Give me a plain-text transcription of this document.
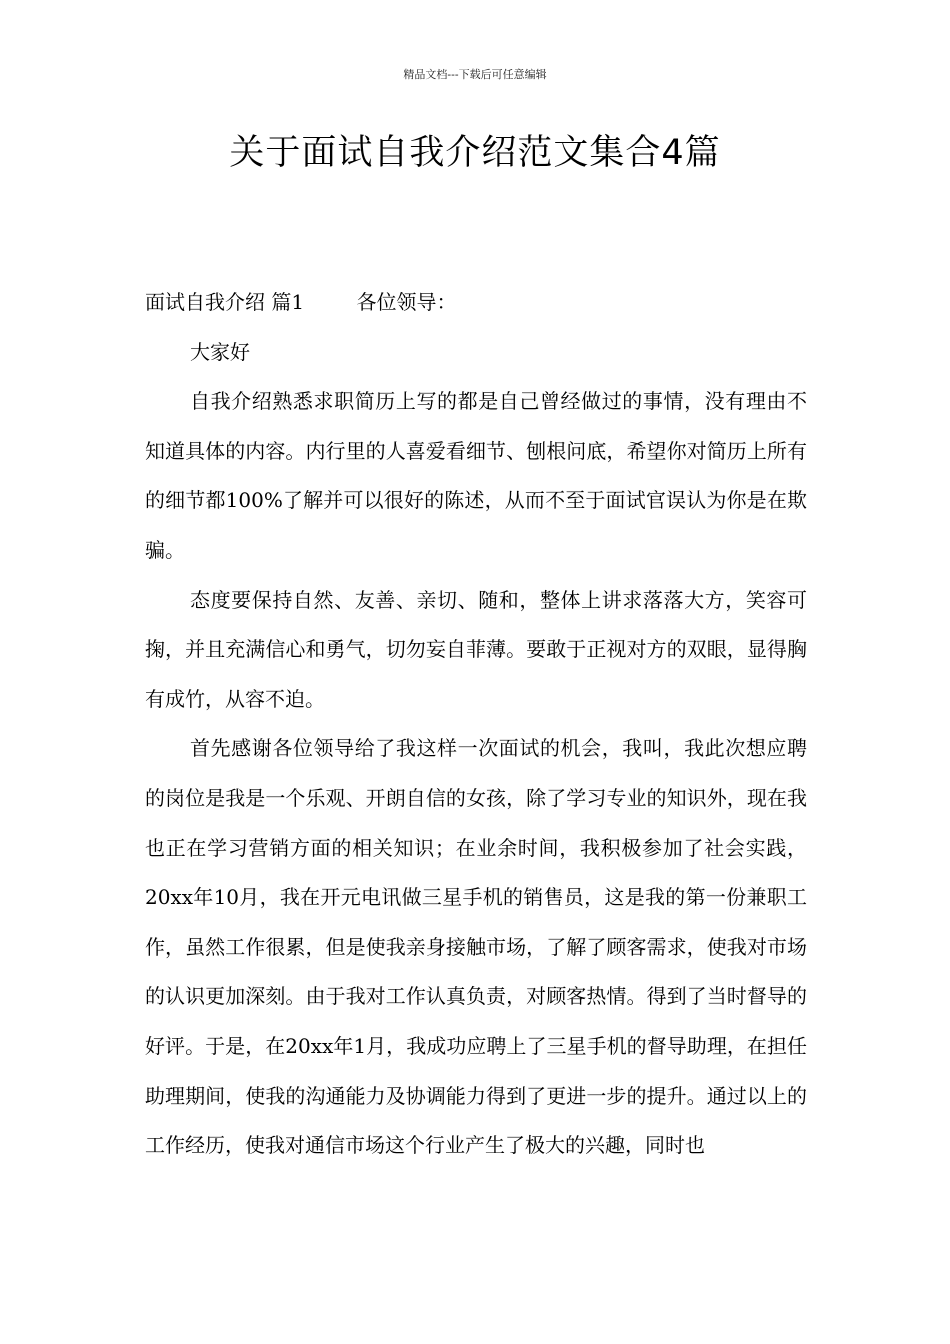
精品文档---下载后可任意编辑
关于面试自我介绍范文集合4篇

面试自我介绍 篇1	各位领导：

大家好

自我介绍熟悉求职简历上写的都是自己曾经做过的事情，没有理由不知道具体的内容。内行里的人喜爱看细节、刨根问底，希望你对简历上所有的细节都100%了解并可以很好的陈述，从而不至于面试官误认为你是在欺骗。

态度要保持自然、友善、亲切、随和，整体上讲求落落大方，笑容可掬，并且充满信心和勇气，切勿妄自菲薄。要敢于正视对方的双眼，显得胸有成竹，从容不迫。

首先感谢各位领导给了我这样一次面试的机会，我叫，我此次想应聘的岗位是我是一个乐观、开朗自信的女孩，除了学习专业的知识外，现在我也正在学习营销方面的相关知识；在业余时间，我积极参加了社会实践，20xx年10月，我在开元电讯做三星手机的销售员，这是我的第一份兼职工作，虽然工作很累，但是使我亲身接触市场，了解了顾客需求，使我对市场的认识更加深刻。由于我对工作认真负责，对顾客热情。得到了当时督导的好评。于是，在20xx年1月，我成功应聘上了三星手机的督导助理，在担任助理期间，使我的沟通能力及协调能力得到了更进一步的提升。通过以上的工作经历，使我对通信市场这个行业产生了极大的兴趣，同时也
